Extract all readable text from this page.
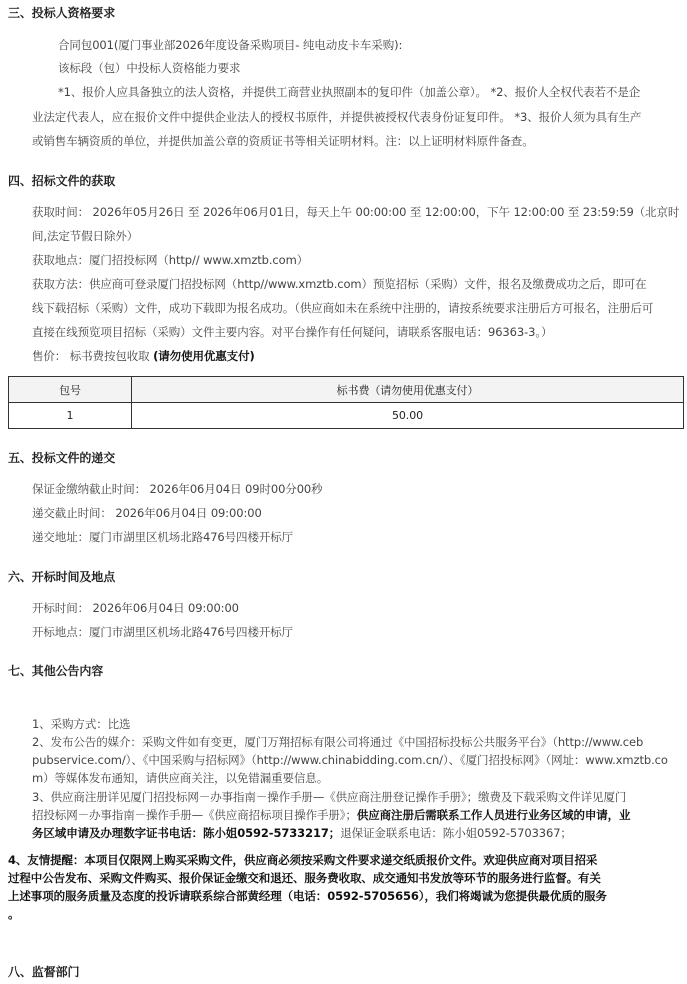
三、投标人资格要求
合同包001(厦门事业部2026年度设备采购项目- 纯电动皮卡车采购):
该标段（包）中投标人资格能力要求
*1、报价人应具备独立的法人资格，并提供工商营业执照副本的复印件（加盖公章）。 *2、报价人全权代表若不是企
业法定代表人，应在报价文件中提供企业法人的授权书原件，并提供被授权代表身份证复印件。 *3、报价人须为具有生产
或销售车辆资质的单位，并提供加盖公章的资质证书等相关证明材料。注：以上证明材料原件备查。
四、招标文件的获取
获取时间： 2026年05月26日 至 2026年06月01日，每天上午 00:00:00 至 12:00:00，下午 12:00:00 至 23:59:59（北京时
间,法定节假日除外）
获取地点：厦门招投标网（http// www.xmztb.com）
获取方法：供应商可登录厦门招投标网（http//www.xmztb.com）预览招标（采购）文件，报名及缴费成功之后，即可在
线下载招标（采购）文件，成功下载即为报名成功。（供应商如未在系统中注册的，请按系统要求注册后方可报名，注册后可
直接在线预览项目招标（采购）文件主要内容。对平台操作有任何疑问，请联系客服电话：96363-3。）
售价： 标书费按包收取 (请勿使用优惠支付)
包号	标书费（请勿使用优惠支付）
1	50.00
五、投标文件的递交
保证金缴纳截止时间： 2026年06月04日 09时00分00秒
递交截止时间： 2026年06月04日 09:00:00
递交地址：厦门市湖里区机场北路476号四楼开标厅
六、开标时间及地点
开标时间： 2026年06月04日 09:00:00
开标地点：厦门市湖里区机场北路476号四楼开标厅
七、其他公告内容
1、采购方式：比选
2、发布公告的媒介：采购文件如有变更，厦门万翔招标有限公司将通过《中国招标投标公共服务平台》（http://www.ceb
pubservice.com/）、《中国采购与招标网》（http://www.chinabidding.com.cn/）、《厦门招投标网》（网址：www.xmztb.co
m）等媒体发布通知，请供应商关注，以免错漏重要信息。
3、供应商注册详见厦门招投标网－办事指南－操作手册—《供应商注册登记操作手册》；缴费及下载采购文件详见厦门
招投标网－办事指南－操作手册—《供应商招标项目操作手册》；供应商注册后需联系工作人员进行业务区域的申请，业
务区域申请及办理数字证书电话：陈小姐0592-5733217；退保证金联系电话：陈小姐0592-5703367；
4、友情提醒：本项目仅限网上购买采购文件，供应商必须按采购文件要求递交纸质报价文件。欢迎供应商对项目招采
过程中公告发布、采购文件购买、报价保证金缴交和退还、服务费收取、成交通知书发放等环节的服务进行监督。有关
上述事项的服务质量及态度的投诉请联系综合部黄经理（电话：0592-5705656），我们将竭诚为您提供最优质的服务
。
八、监督部门
